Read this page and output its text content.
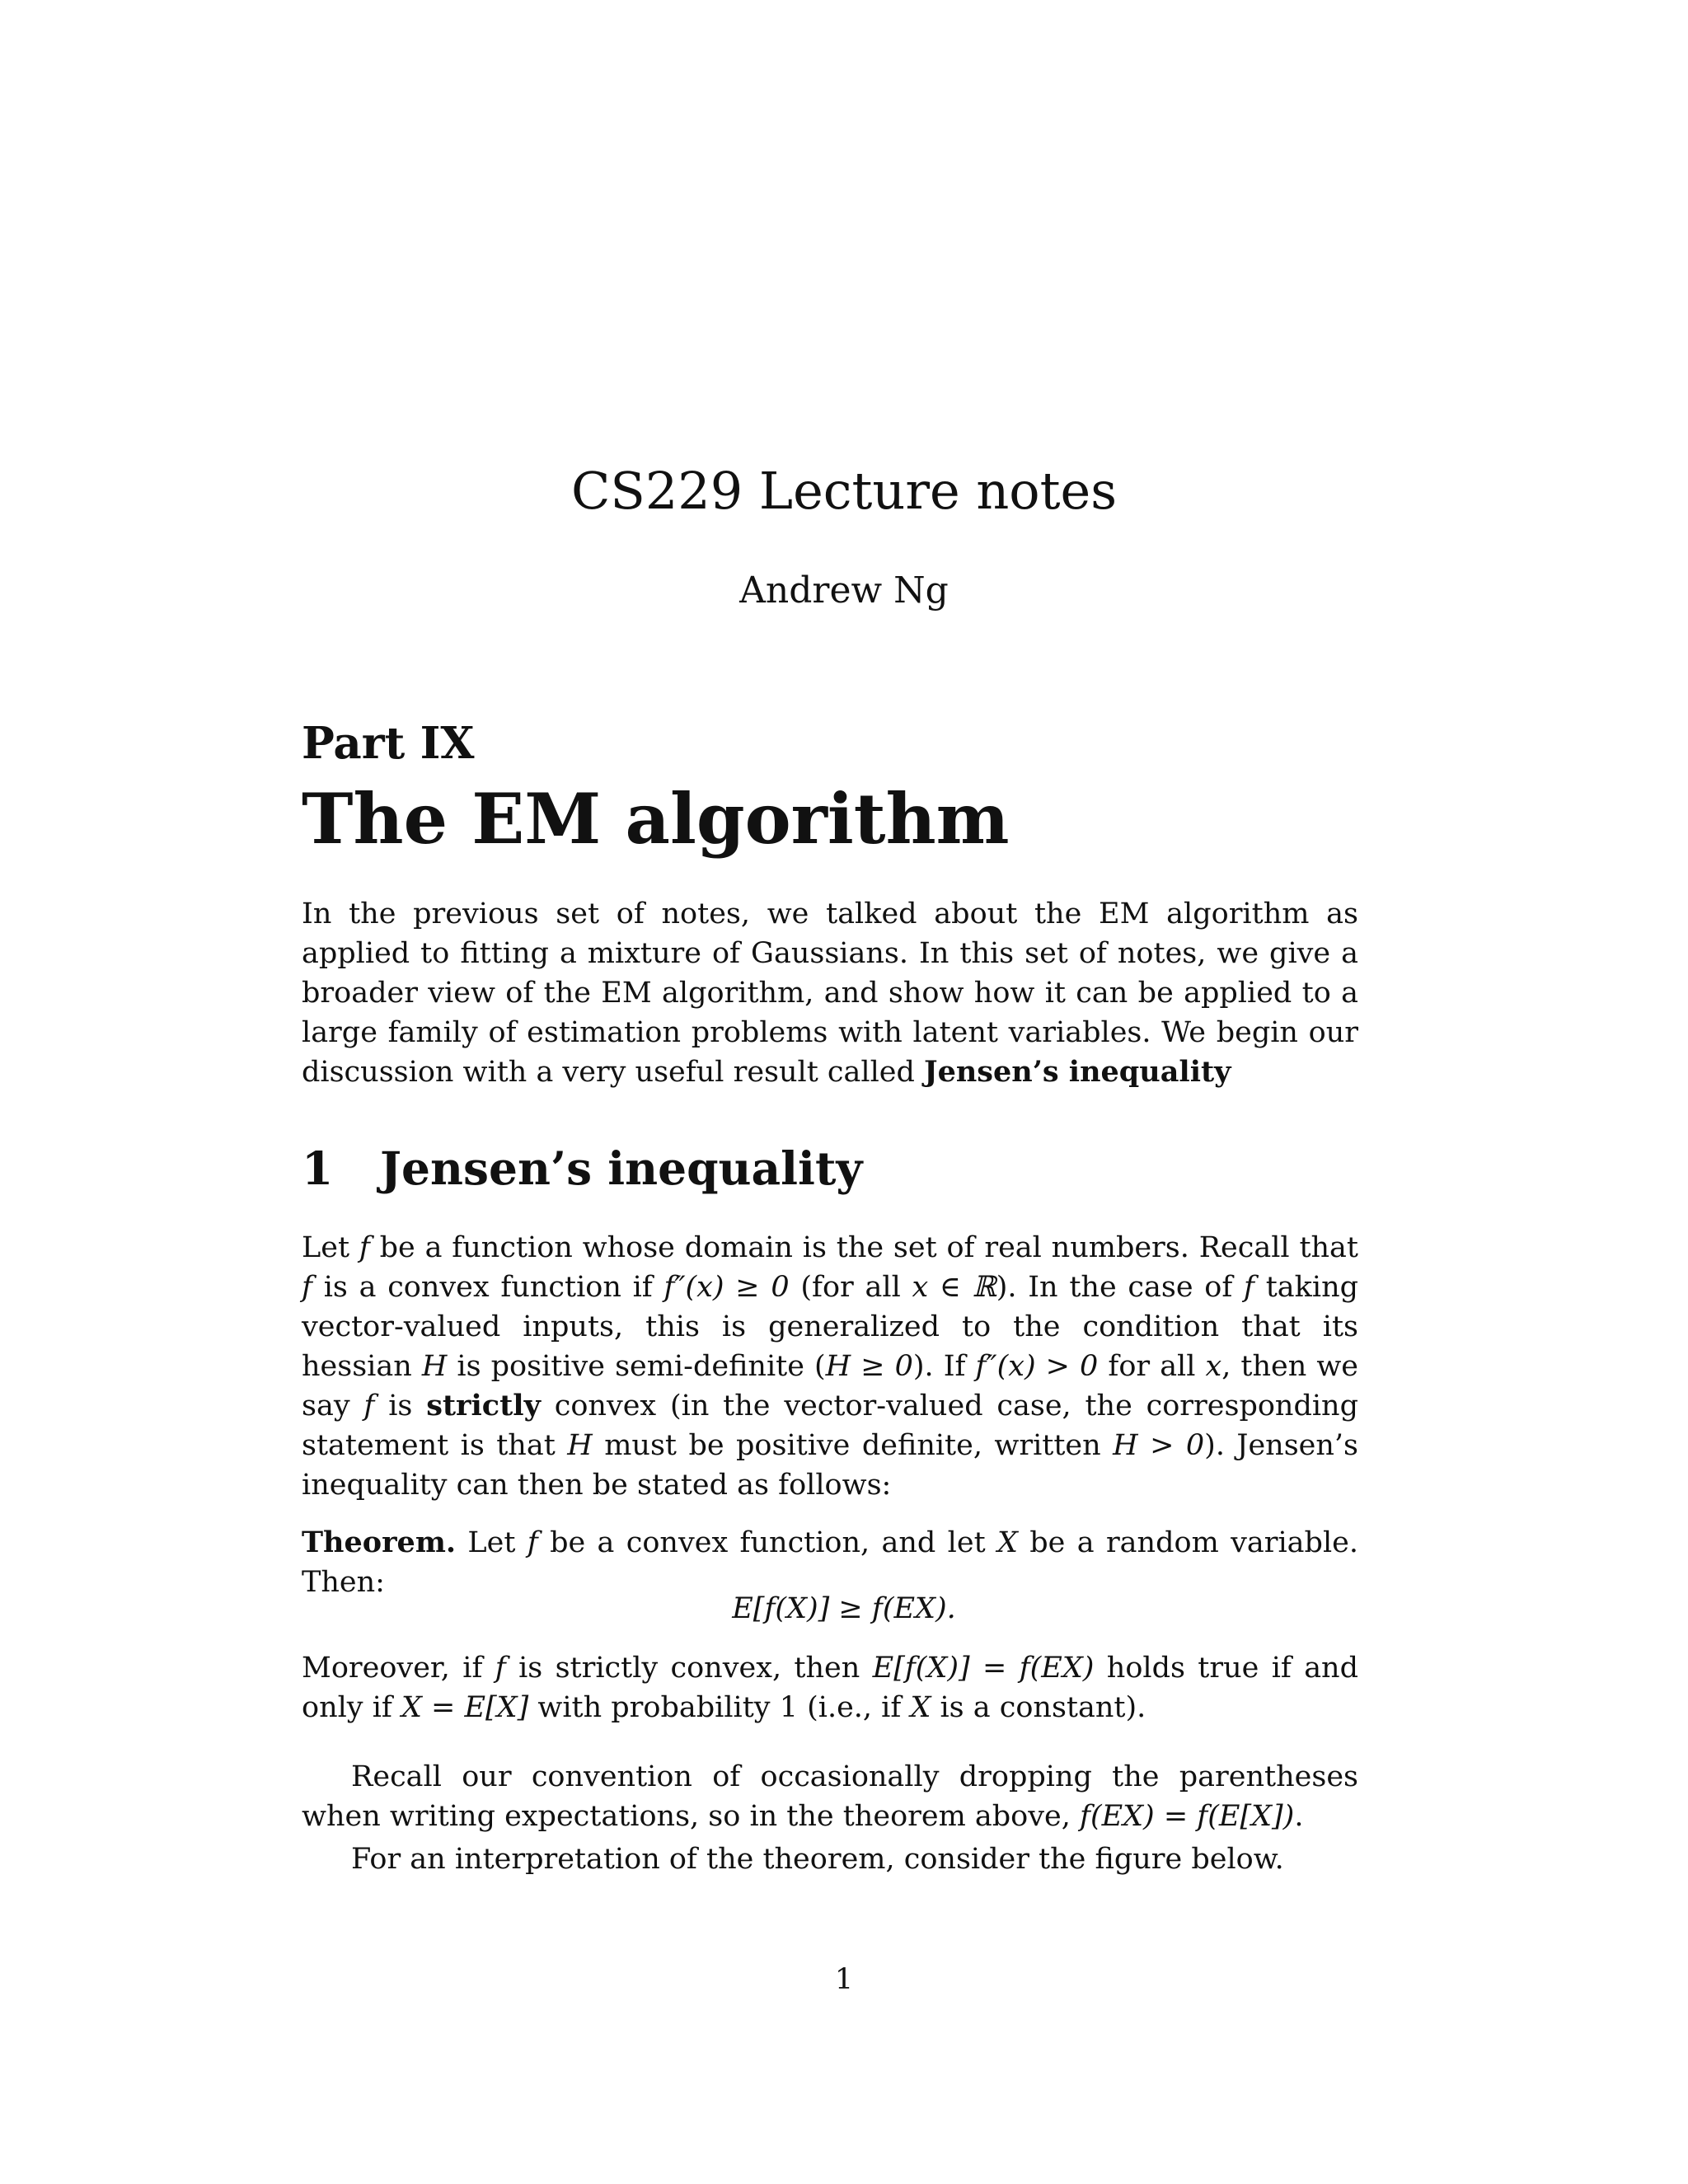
CS229 Lecture notes
Andrew Ng
Part IX
The EM algorithm

In the previous set of notes, we talked about the EM algorithm as applied to fitting a mixture of Gaussians. In this set of notes, we give a broader view of the EM algorithm, and show how it can be applied to a large family of estimation problems with latent variables. We begin our discussion with a very useful result called Jensen’s inequality

1 Jensen’s inequality

Let f be a function whose domain is the set of real numbers. Recall that f is a convex function if f″(x) ≥ 0 (for all x ∈ ℝ). In the case of f taking vector-valued inputs, this is generalized to the condition that its hessian H is positive semi-definite (H ≥ 0). If f″(x) > 0 for all x, then we say f is strictly convex (in the vector-valued case, the corresponding statement is that H must be positive definite, written H > 0). Jensen’s inequality can then be stated as follows:

Theorem. Let f be a convex function, and let X be a random variable. Then:

E[f(X)] ≥ f(EX).

Moreover, if f is strictly convex, then E[f(X)] = f(EX) holds true if and only if X = E[X] with probability 1 (i.e., if X is a constant).

Recall our convention of occasionally dropping the parentheses when writing expectations, so in the theorem above, f(EX) = f(E[X]).

For an interpretation of the theorem, consider the figure below.

1
